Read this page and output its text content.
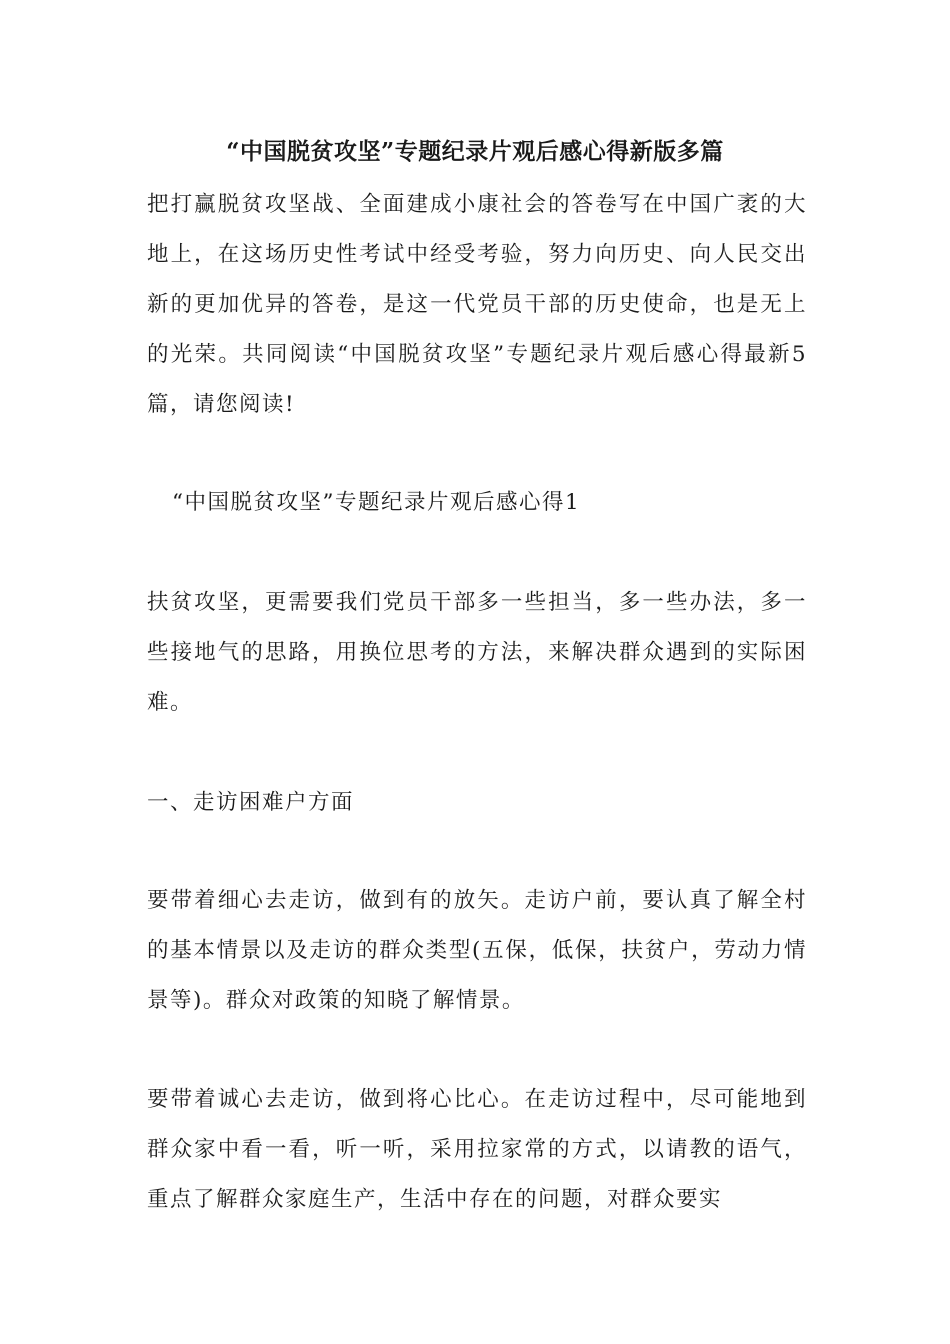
“中国脱贫攻坚”专题纪录片观后感心得新版多篇
把打赢脱贫攻坚战、全面建成小康社会的答卷写在中国广袤的大地上，在这场历史性考试中经受考验，努力向历史、向人民交出新的更加优异的答卷，是这一代党员干部的历史使命，也是无上的光荣。共同阅读“中国脱贫攻坚”专题纪录片观后感心得最新5篇，请您阅读!
“中国脱贫攻坚”专题纪录片观后感心得1
扶贫攻坚，更需要我们党员干部多一些担当，多一些办法，多一些接地气的思路，用换位思考的方法，来解决群众遇到的实际困难。
一、走访困难户方面
要带着细心去走访，做到有的放矢。走访户前，要认真了解全村的基本情景以及走访的群众类型(五保，低保，扶贫户，劳动力情景等)。群众对政策的知晓了解情景。
要带着诚心去走访，做到将心比心。在走访过程中，尽可能地到群众家中看一看，听一听，采用拉家常的方式，以请教的语气，重点了解群众家庭生产，生活中存在的问题，对群众要实
